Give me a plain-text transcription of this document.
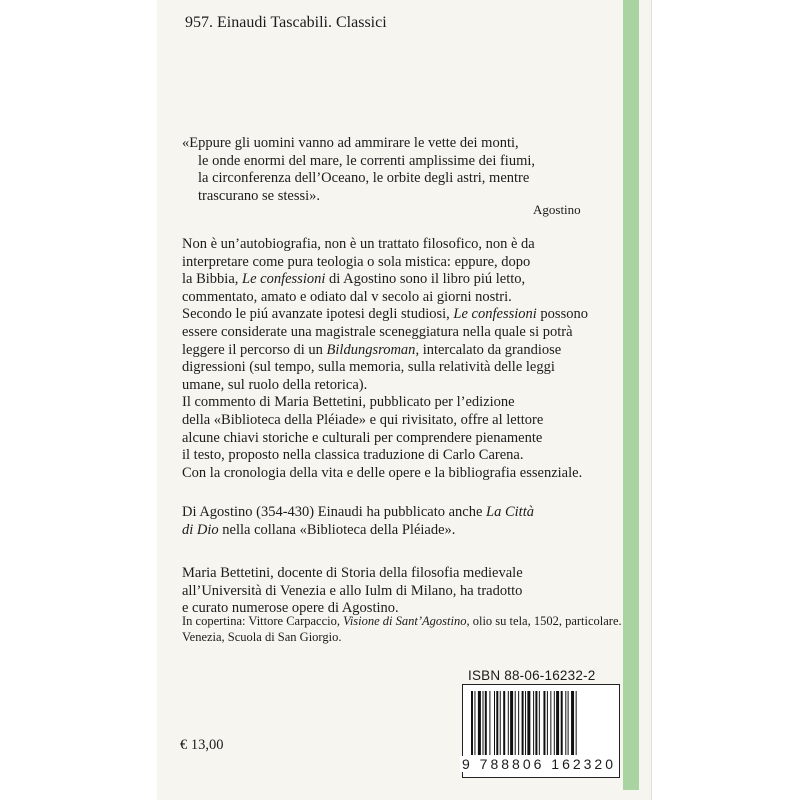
957. Einaudi Tascabili. Classici
«Eppure gli uomini vanno ad ammirare le vette dei monti,
le onde enormi del mare, le correnti amplissime dei fiumi,
la circonferenza dell’Oceano, le orbite degli astri, mentre
trascurano se stessi».
Agostino
Non è un’autobiografia, non è un trattato filosofico, non è da
interpretare come pura teologia o sola mistica: eppure, dopo
la Bibbia, Le confessioni di Agostino sono il libro piú letto,
commentato, amato e odiato dal v secolo ai giorni nostri.
Secondo le piú avanzate ipotesi degli studiosi, Le confessioni possono
essere considerate una magistrale sceneggiatura nella quale si potrà
leggere il percorso di un Bildungsroman, intercalato da grandiose
digressioni (sul tempo, sulla memoria, sulla relatività delle leggi
umane, sul ruolo della retorica).
Il commento di Maria Bettetini, pubblicato per l’edizione
della «Biblioteca della Pléiade» e qui rivisitato, offre al lettore
alcune chiavi storiche e culturali per comprendere pienamente
il testo, proposto nella classica traduzione di Carlo Carena.
Con la cronologia della vita e delle opere e la bibliografia essenziale.
Di Agostino (354-430) Einaudi ha pubblicato anche La Città
di Dio nella collana «Biblioteca della Pléiade».
Maria Bettetini, docente di Storia della filosofia medievale
all’Università di Venezia e allo Iulm di Milano, ha tradotto
e curato numerose opere di Agostino.
In copertina: Vittore Carpaccio, Visione di Sant’Agostino, olio su tela, 1502, particolare.
Venezia, Scuola di San Giorgio.
ISBN 88-06-16232-2
9 788806 162320
€ 13,00
